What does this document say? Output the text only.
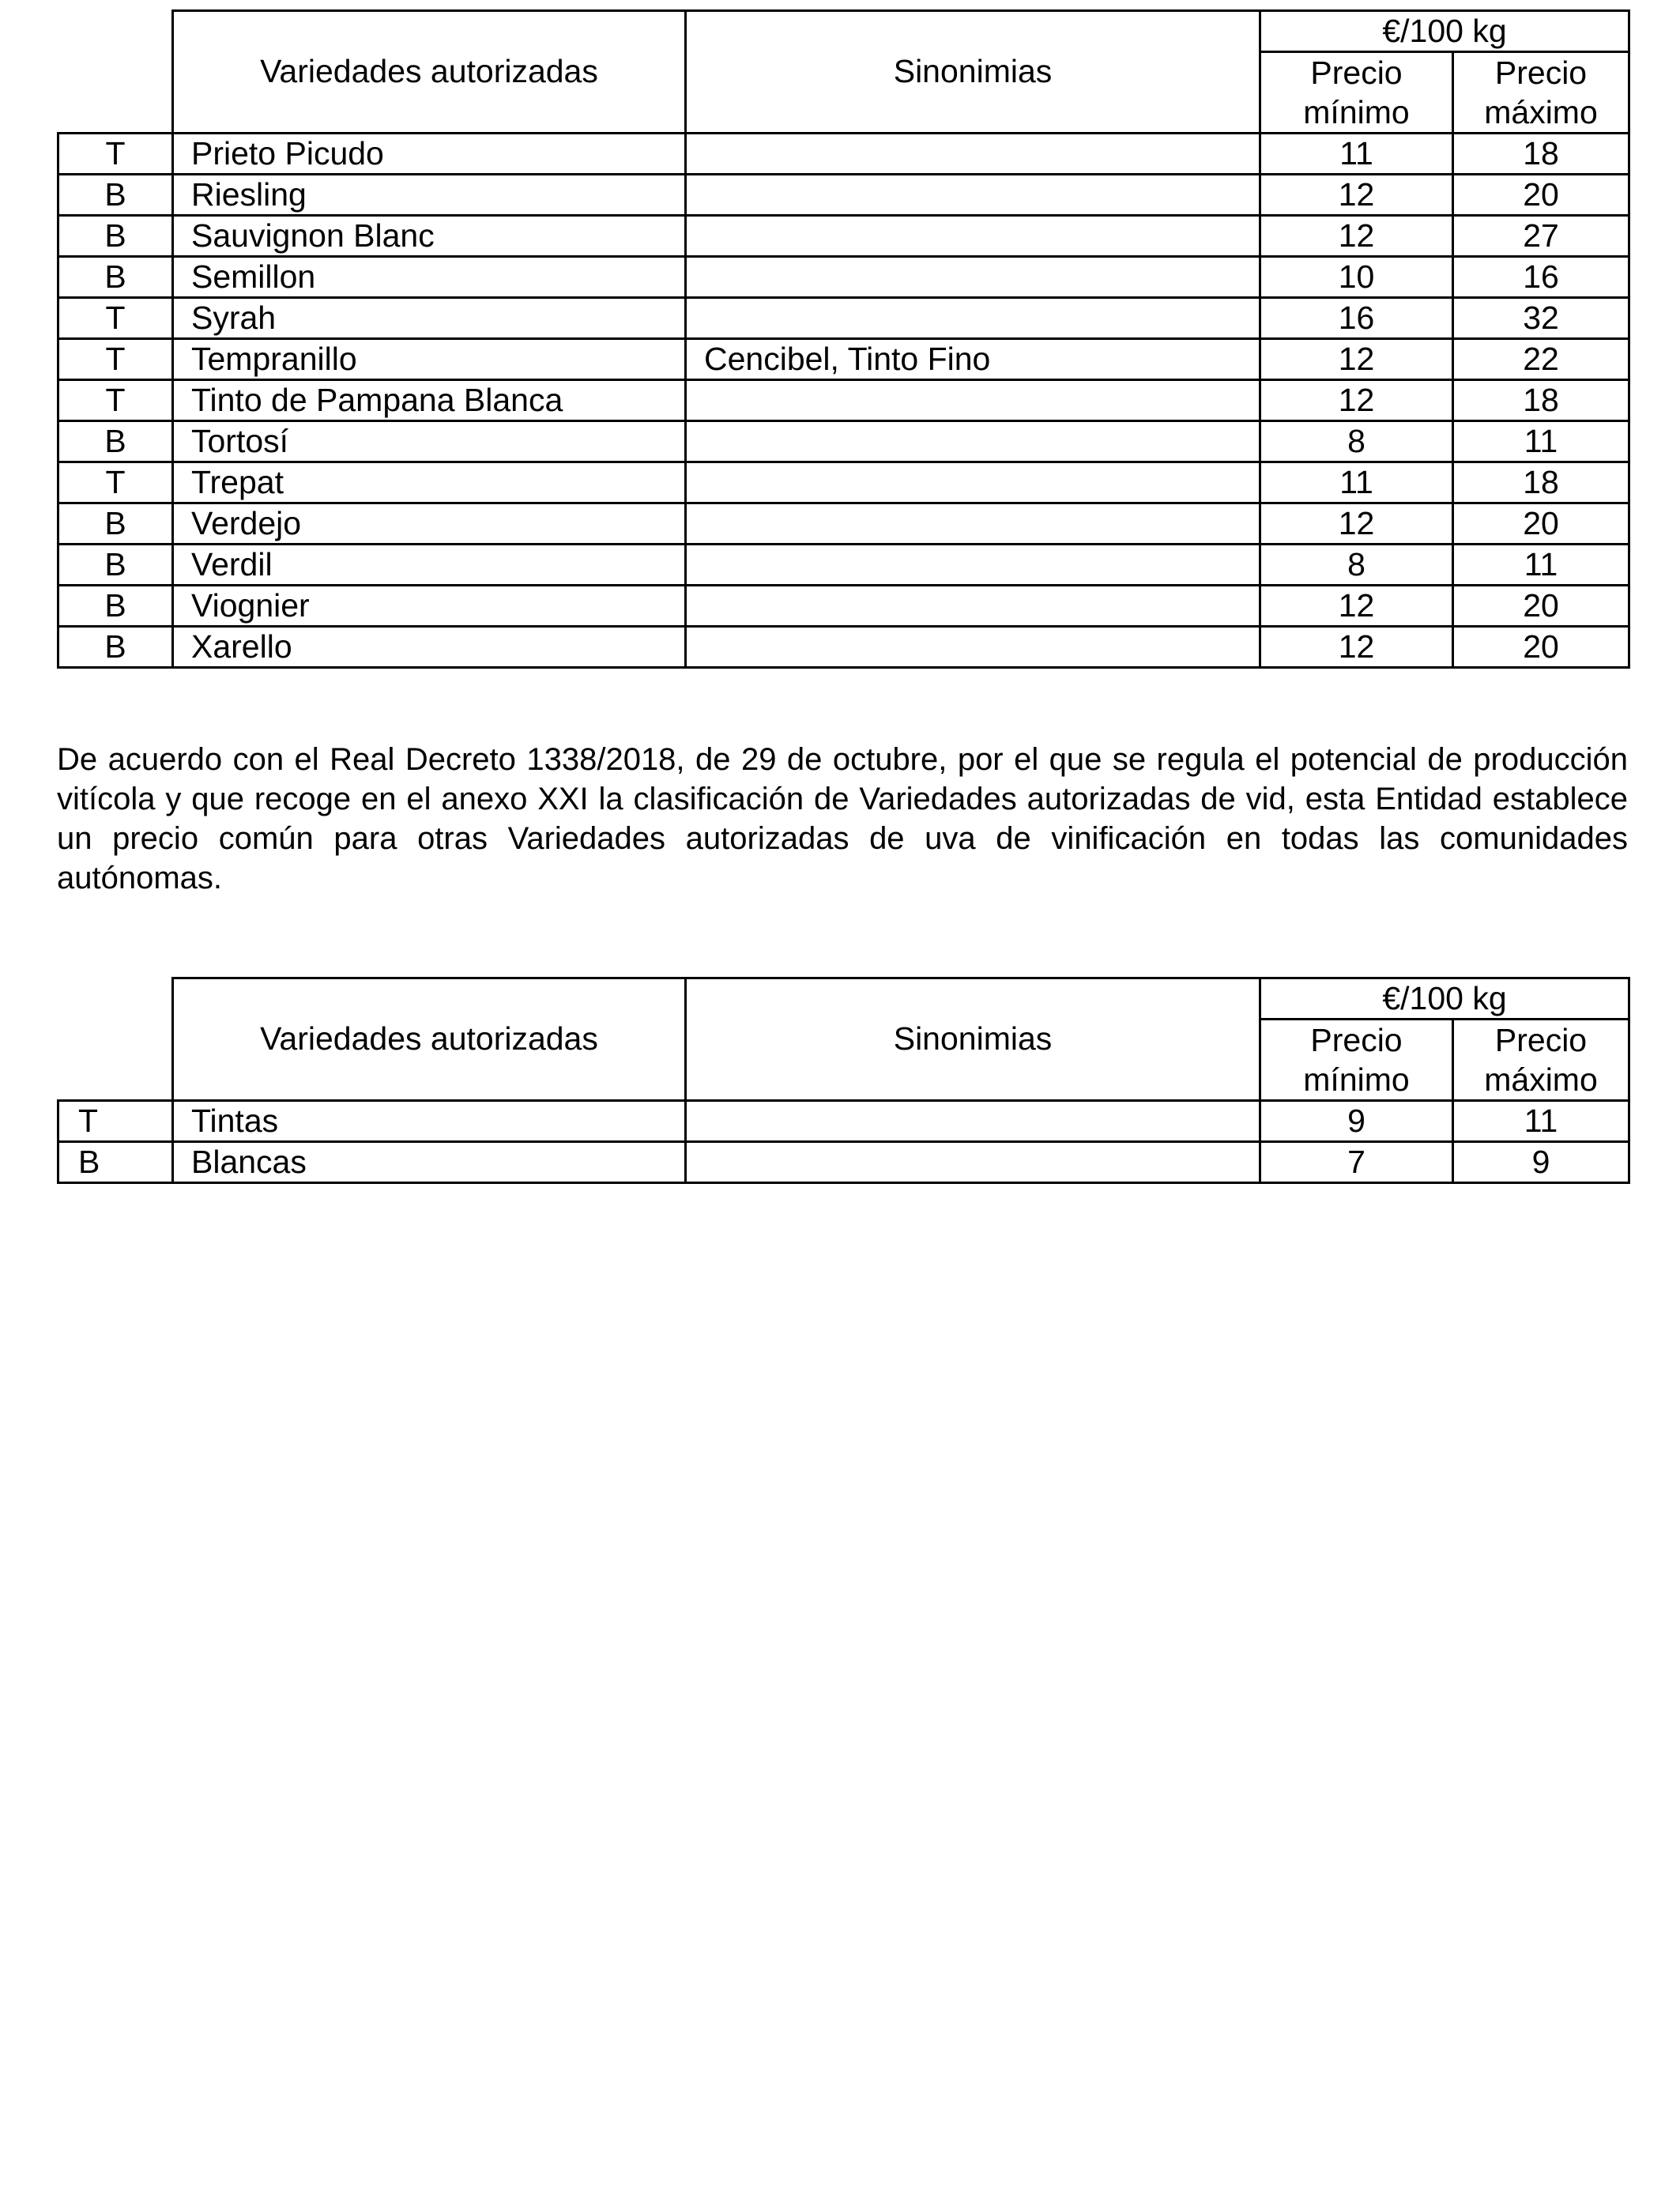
	Variedades autorizadas	Sinonimias	€/100 kg	
			Precio mínimo	Precio máximo
T	Prieto Picudo		11	18
B	Riesling		12	20
B	Sauvignon Blanc		12	27
B	Semillon		10	16
T	Syrah		16	32
T	Tempranillo	Cencibel, Tinto Fino	12	22
T	Tinto de Pampana Blanca		12	18
B	Tortosí		8	11
T	Trepat		11	18
B	Verdejo		12	20
B	Verdil		8	11
B	Viognier		12	20
B	Xarello		12	20

De acuerdo con el Real Decreto 1338/2018, de 29 de octubre, por el que se regula el potencial de producción vitícola y que recoge en el anexo XXI la clasificación de Variedades autorizadas de vid, esta Entidad establece un precio común para otras Variedades autorizadas de uva de vinificación en todas las comunidades autónomas.

	Variedades autorizadas	Sinonimias	€/100 kg	
			Precio mínimo	Precio máximo
T	Tintas		9	11
B	Blancas		7	9
